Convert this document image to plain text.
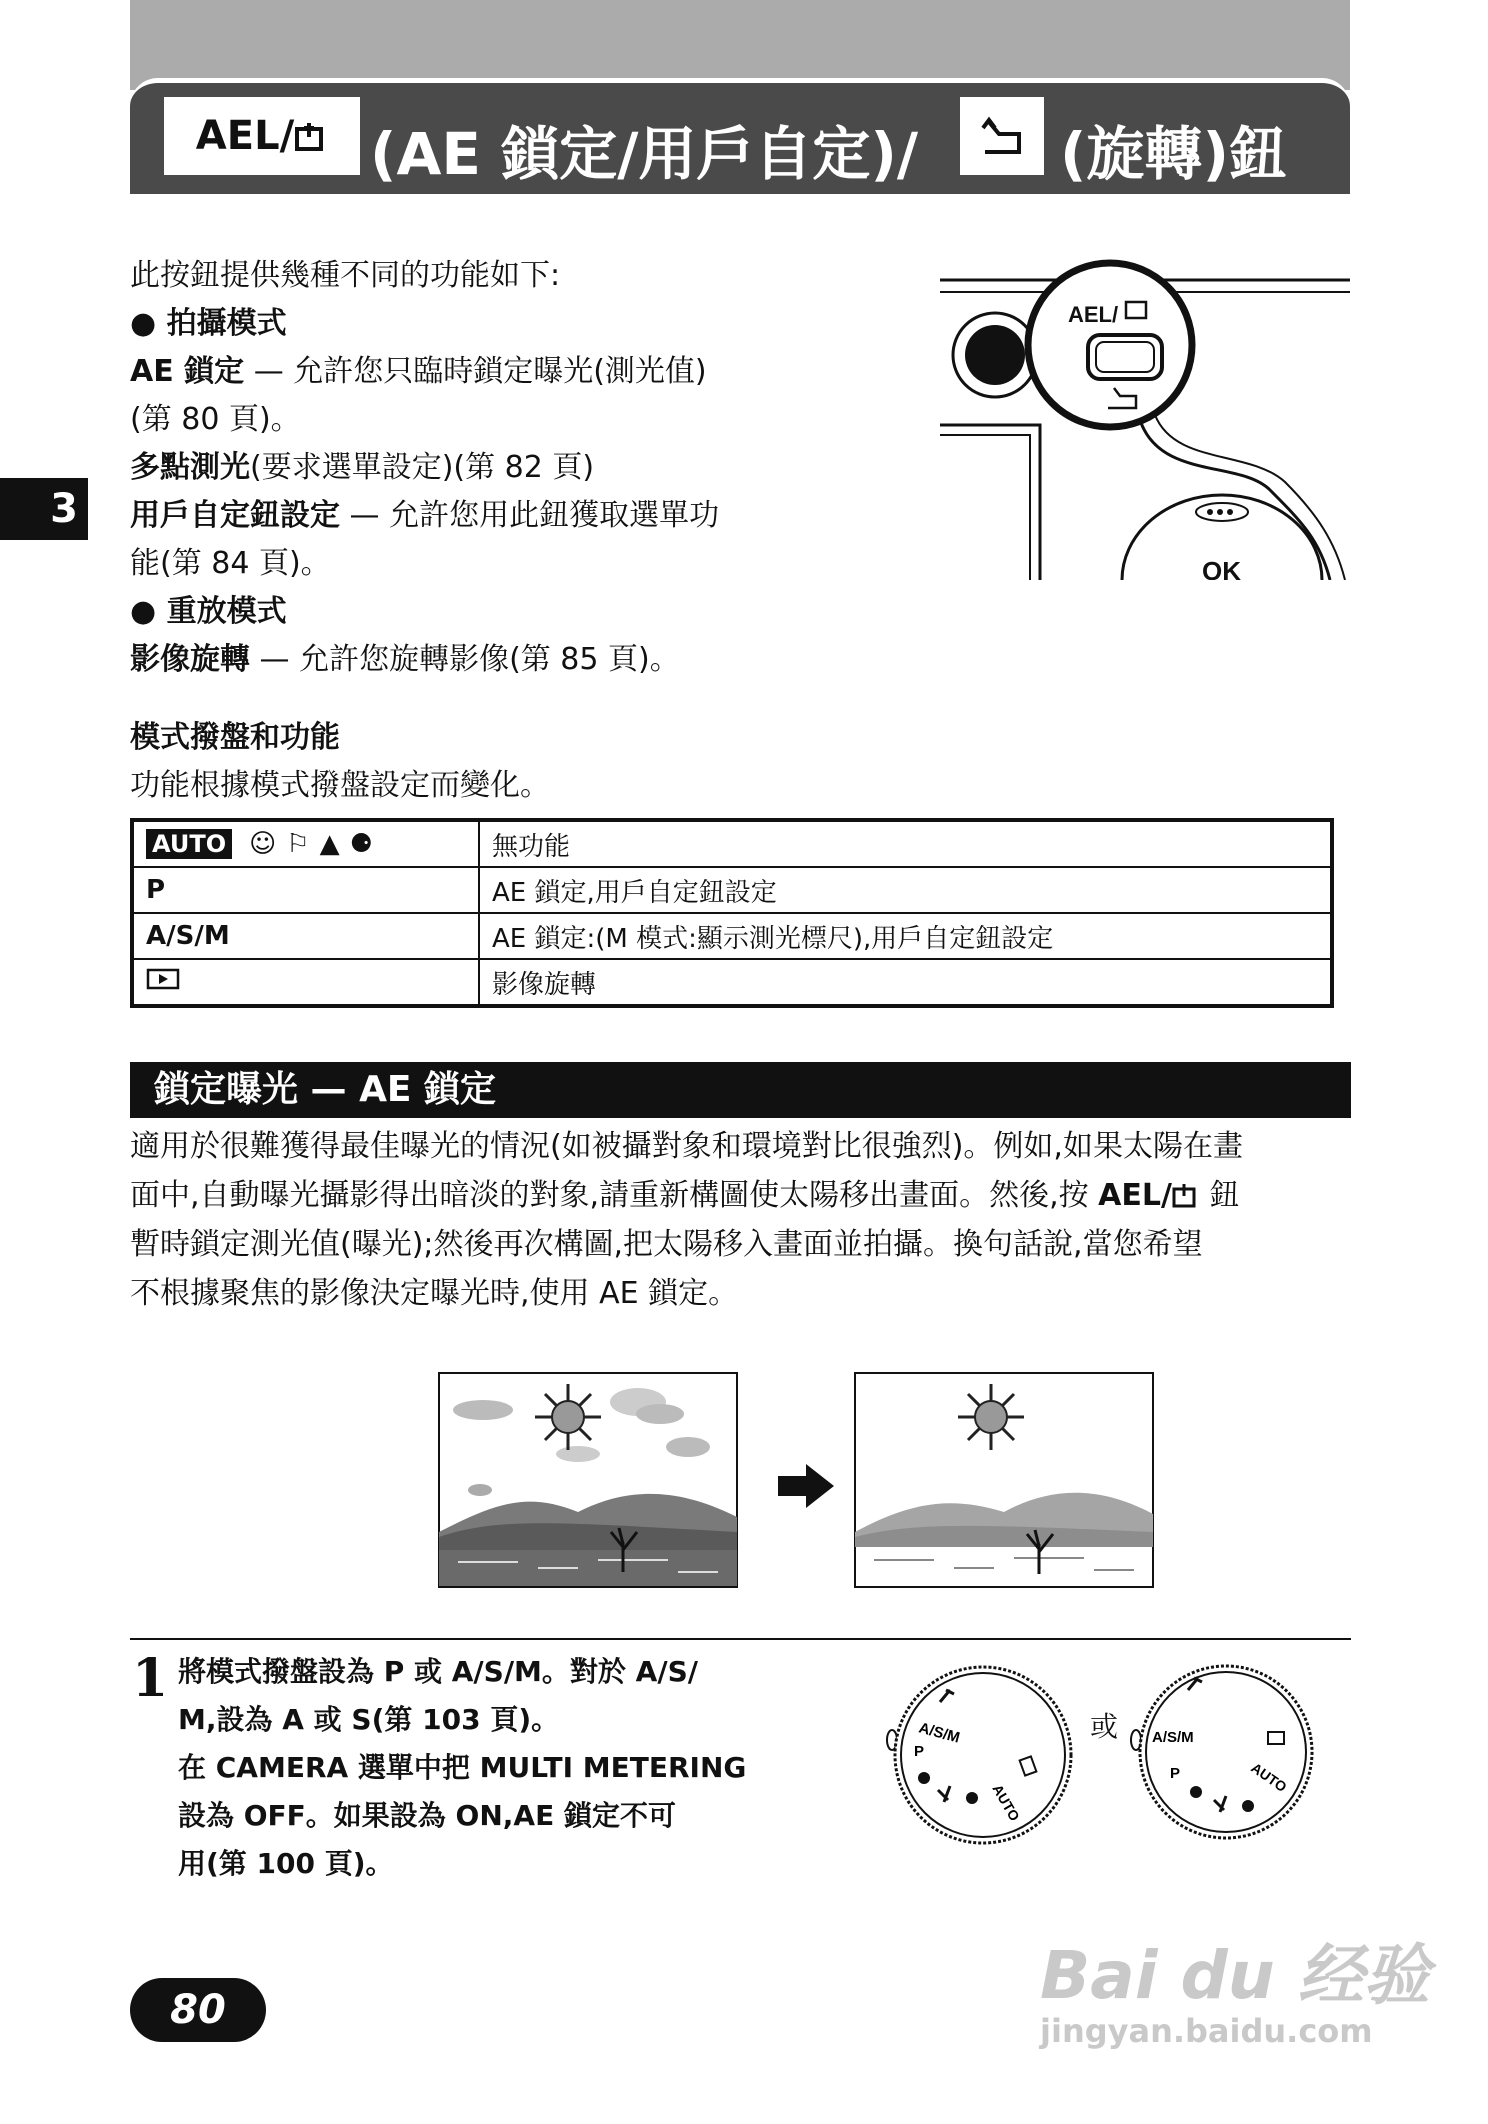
AEL/ (AE 鎖定/用戶自定)/ (旋轉)鈕
3
此按鈕提供幾種不同的功能如下:
● 拍攝模式
AE 鎖定 — 允許您只臨時鎖定曝光(測光值)
(第 80 頁)。
多點測光(要求選單設定)(第 82 頁)
用戶自定鈕設定 — 允許您用此鈕獲取選單功
能(第 84 頁)。
● 重放模式
影像旋轉 — 允許您旋轉影像(第 85 頁)。
AEL/
OK
模式撥盤和功能
功能根據模式撥盤設定而變化。
AUTO ☺⚐▲⚈	無功能
P	AE 鎖定,用戶自定鈕設定
A/S/M	AE 鎖定:(M 模式:顯示測光標尺),用戶自定鈕設定
	影像旋轉
鎖定曝光 — AE 鎖定
適用於很難獲得最佳曝光的情況(如被攝對象和環境對比很強烈)。例如,如果太陽在畫
面中,自動曝光攝影得出暗淡的對象,請重新構圖使太陽移出畫面。然後,按 AEL/ 鈕
暫時鎖定測光值(曝光);然後再次構圖,把太陽移入畫面並拍攝。換句話說,當您希望
不根據聚焦的影像決定曝光時,使用 AE 鎖定。
1 將模式撥盤設為 P 或 A/S/M。對於 A/S/
M,設為 A 或 S(第 103 頁)。
在 CAMERA 選單中把 MULTI METERING
設為 OFF。如果設為 ON,AE 鎖定不可
用(第 100 頁)。
A/S/M
P
AUTO
或 A/S/M
P	AUTO
80	Bai du 经验
jingyan.baidu.com
